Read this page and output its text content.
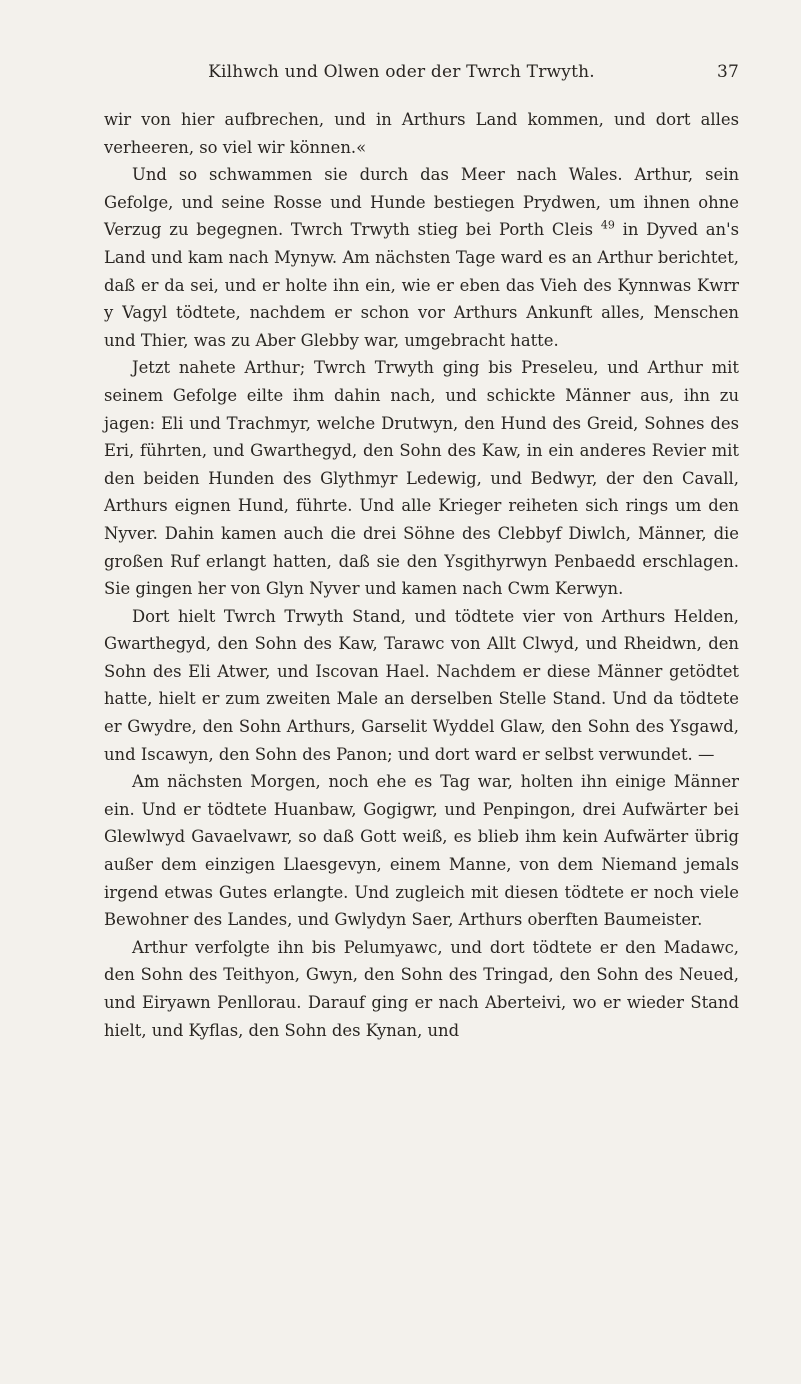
Kilhwch und Olwen oder der Twrch Trwyth.	37

wir von hier aufbrechen, und in Arthurs Land kommen, und dort alles verheeren, so viel wir können.«

Und so schwammen sie durch das Meer nach Wales. Arthur, sein Gefolge, und seine Rosse und Hunde bestiegen Prydwen, um ihnen ohne Verzug zu begegnen. Twrch Trwyth stieg bei Porth Cleis $^{49}$ in Dyved an's Land und kam nach Mynyw. Am nächsten Tage ward es an Arthur berichtet, daß er da sei, und er holte ihn ein, wie er eben das Vieh des Kynnwas Kwrr y Vagyl tödtete, nachdem er schon vor Arthurs Ankunft alles, Menschen und Thier, was zu Aber Glebby war, umgebracht hatte.

Jetzt nahete Arthur; Twrch Trwyth ging bis Preseleu, und Arthur mit seinem Gefolge eilte ihm dahin nach, und schickte Männer aus, ihn zu jagen: Eli und Trachmyr, welche Drutwyn, den Hund des Greid, Sohnes des Eri, führten, und Gwarthegyd, den Sohn des Kaw, in ein anderes Revier mit den beiden Hunden des Glythmyr Ledewig, und Bedwyr, der den Cavall, Arthurs eignen Hund, führte. Und alle Krieger reiheten sich rings um den Nyver. Dahin kamen auch die drei Söhne des Clebbyf Diwlch, Männer, die großen Ruf erlangt hatten, daß sie den Ysgithyrwyn Penbaedd erschlagen. Sie gingen her von Glyn Nyver und kamen nach Cwm Kerwyn.

Dort hielt Twrch Trwyth Stand, und tödtete vier von Arthurs Helden, Gwarthegyd, den Sohn des Kaw, Tarawc von Allt Clwyd, und Rheidwn, den Sohn des Eli Atwer, und Iscovan Hael. Nachdem er diese Männer getödtet hatte, hielt er zum zweiten Male an derselben Stelle Stand. Und da tödtete er Gwydre, den Sohn Arthurs, Garselit Wyddel Glaw, den Sohn des Ysgawd, und Iscawyn, den Sohn des Panon; und dort ward er selbst verwundet. —

Am nächsten Morgen, noch ehe es Tag war, holten ihn einige Männer ein. Und er tödtete Huanbaw, Gogigwr, und Penpingon, drei Aufwärter bei Glewlwyd Gavaelvawr, so daß Gott weiß, es blieb ihm kein Aufwärter übrig außer dem einzigen Llaesgevyn, einem Manne, von dem Niemand jemals irgend etwas Gutes erlangte. Und zugleich mit diesen tödtete er noch viele Bewohner des Landes, und Gwlydyn Saer, Arthurs oberften Baumeister.

Arthur verfolgte ihn bis Pelumyawc, und dort tödtete er den Madawc, den Sohn des Teithyon, Gwyn, den Sohn des Tringad, den Sohn des Neued, und Eiryawn Penllorau. Darauf ging er nach Aberteivi, wo er wieder Stand hielt, und Kyflas, den Sohn des Kynan, und
